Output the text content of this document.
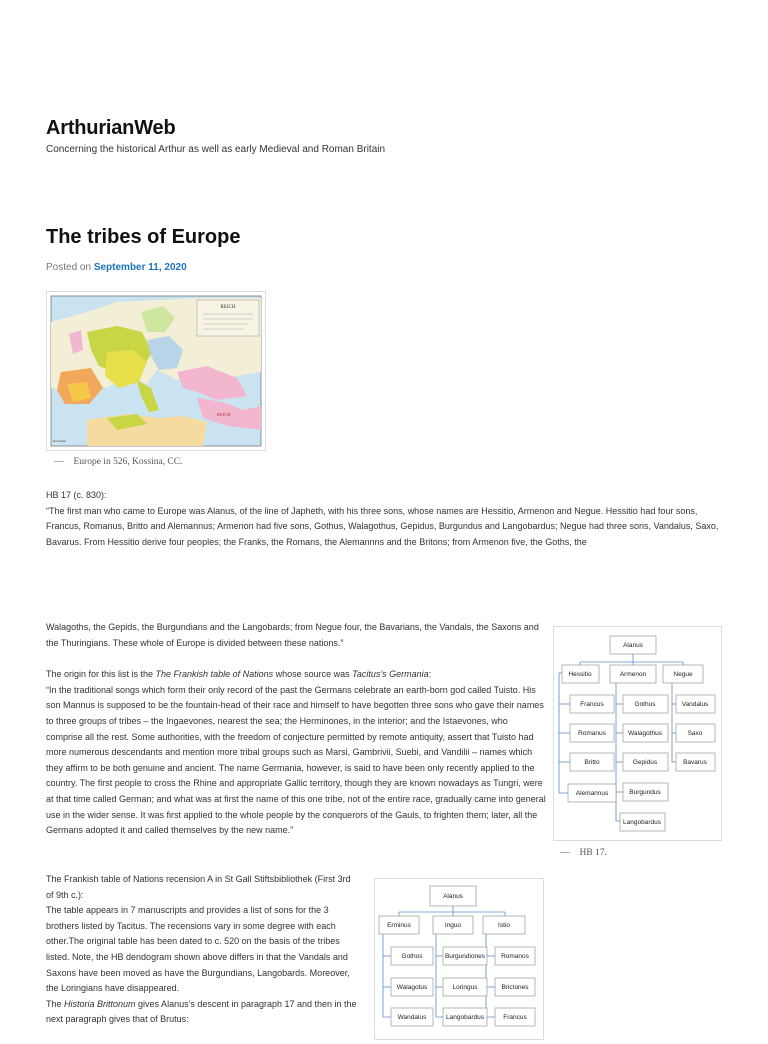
ArthurianWeb
Concerning the historical Arthur as well as early Medieval and Roman Britain
The tribes of Europe
Posted on September 11, 2020
REICH
REICH
Kossinna
— Europe in 526, Kossina, CC.

HB 17 (c. 830):

“The first man who came to Europe was Alanus, of the line of Japheth, with his three sons, whose names are Hessitio, Armenon and Negue. Hessitio had four sons, Francus, Romanus, Britto and Alemannus; Armenon had five sons, Gothus, Walagothus, Gepidus, Burgundus and Langobardus; Negue had three sons, Vandalus, Saxo, Bavarus. From Hessitio derive four peoples; the Franks, the Romans, the Alemannns and the Britons; from Armenon five, the Goths, the

Walagoths, the Gepids, the Burgundians and the Langobards; from Negue four, the Bavarians, the Vandals, the Saxons and the Thuringians. These whole of Europe is divided between these nations.”

The origin for this list is the The Frankish table of Nations whose source was Tacitus’s Germania:

“In the traditional songs which form their only record of the past the Germans celebrate an earth-born god called Tuisto. His son Mannus is supposed to be the fountain-head of their race and himself to have begotten three sons who gave their names to three groups of tribes – the Ingaevones, nearest the sea; the Herminones, in the interior; and the Istaevones, who comprise all the rest. Some authorities, with the freedom of conjecture permitted by remote antiquity, assert that Tuisto had more numerous descendants and mention more tribal groups such as Marsi, Gambrivii, Suebi, and Vandilii – names which they affirm to be both genuine and ancient. The name Germania, however, is said to have been only recently applied to the country. The first people to cross the Rhine and appropriate Gallic territory, though they are known nowadays as Tungri, were at that time called German; and what was at first the name of this one tribe, not of the entire race, gradually came into general use in the wider sense. It was first applied to the whole people by the conquerors of the Gauls, to frighten them; later, all the Germans adopted it and called themselves by the new name.”

Alanus
Hessitio	Armenon	Negue
Francus
Romanus
Britto
Alemannus
Gothus
Walagothus
Gepidus
Burgundus
Langobardus
Vandalus
Saxo
Bavarus
— HB 17.

The Frankish table of Nations recension A in St Gall Stiftsbibliothek (First 3rd of 9th c.):

The table appears in 7 manuscripts and provides a list of sons for the 3 brothers listed by Tacitus. The recensions vary in some degree with each other.The original table has been dated to c. 520 on the basis of the tribes listed. Note, the HB dendogram shown above differs in that the Vandals and Saxons have been moved as have the Burgundians, Langobards. Moreover, the Loringians have disappeared.

The Historia Brittonum gives Alanus’s descent in paragraph 17 and then in the next paragraph gives that of Brutus:

Alanus
Erminus	Inguo	Istio
Gothos
Walagotus
Wandalus
Burgundiones
Loringus
Langobardus
Romanos
Brictones
Francus
